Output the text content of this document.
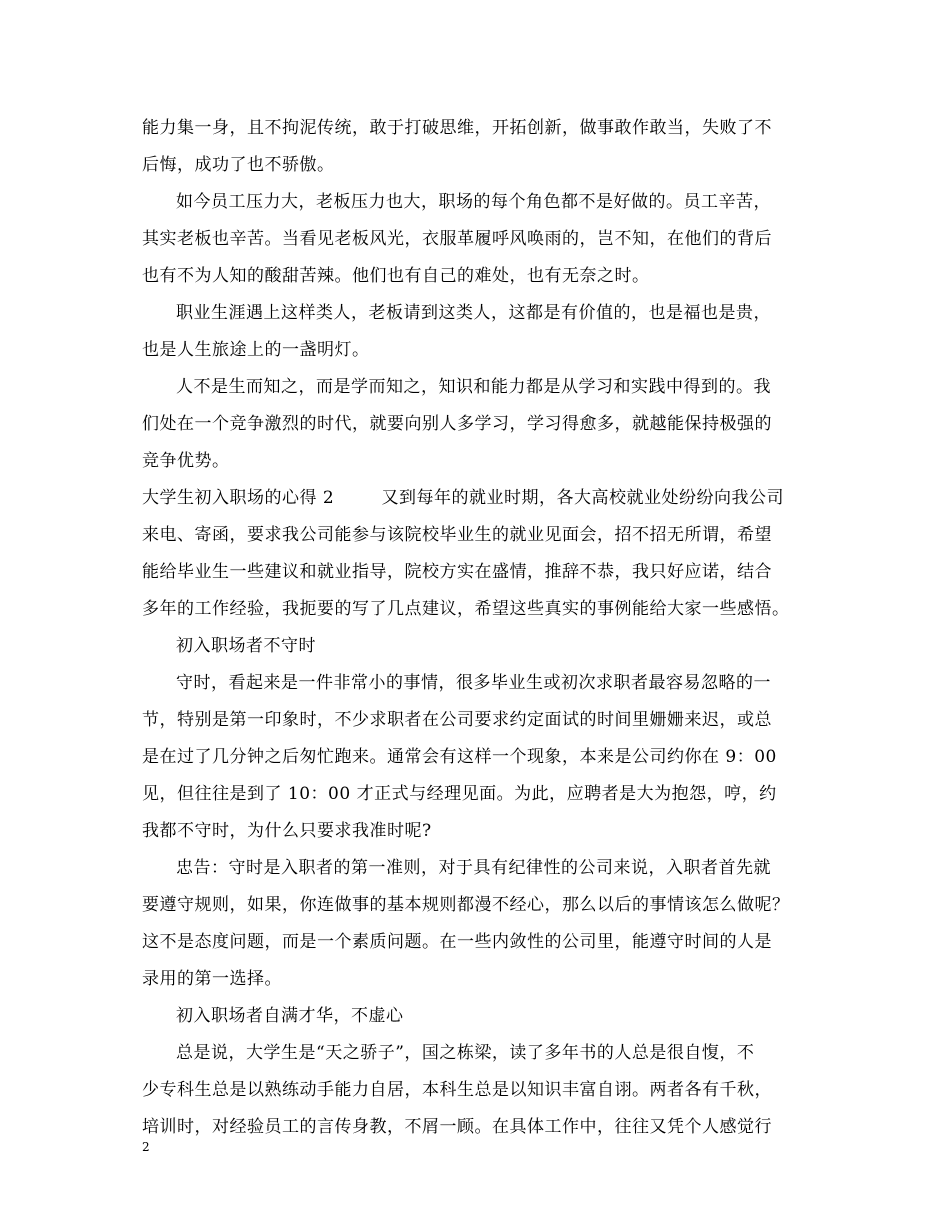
能力集一身，且不拘泥传统，敢于打破思维，开拓创新，做事敢作敢当，失败了不
后悔，成功了也不骄傲。
如今员工压力大，老板压力也大，职场的每个角色都不是好做的。员工辛苦，
其实老板也辛苦。当看见老板风光，衣服革履呼风唤雨的，岂不知，在他们的背后
也有不为人知的酸甜苦辣。他们也有自己的难处，也有无奈之时。
职业生涯遇上这样类人，老板请到这类人，这都是有价值的，也是福也是贵，
也是人生旅途上的一盏明灯。
人不是生而知之，而是学而知之，知识和能力都是从学习和实践中得到的。我
们处在一个竞争激烈的时代，就要向别人多学习，学习得愈多，就越能保持极强的
竞争优势。
大学生初入职场的心得 2        又到每年的就业时期，各大高校就业处纷纷向我公司
来电、寄函，要求我公司能参与该院校毕业生的就业见面会，招不招无所谓，希望
能给毕业生一些建议和就业指导，院校方实在盛情，推辞不恭，我只好应诺，结合
多年的工作经验，我扼要的写了几点建议，希望这些真实的事例能给大家一些感悟。
初入职场者不守时
守时，看起来是一件非常小的事情，很多毕业生或初次求职者最容易忽略的一
节，特别是第一印象时，不少求职者在公司要求约定面试的时间里姗姗来迟，或总
是在过了几分钟之后匆忙跑来。通常会有这样一个现象，本来是公司约你在 9：00
见，但往往是到了 10：00 才正式与经理见面。为此，应聘者是大为抱怨，哼，约
我都不守时，为什么只要求我准时呢?
忠告：守时是入职者的第一准则，对于具有纪律性的公司来说，入职者首先就
要遵守规则，如果，你连做事的基本规则都漫不经心，那么以后的事情该怎么做呢？
这不是态度问题，而是一个素质问题。在一些内敛性的公司里，能遵守时间的人是
录用的第一选择。
初入职场者自满才华，不虚心
总是说，大学生是“天之骄子”，国之栋梁，读了多年书的人总是很自愎，不
少专科生总是以熟练动手能力自居，本科生总是以知识丰富自诩。两者各有千秋，
培训时，对经验员工的言传身教，不屑一顾。在具体工作中，往往又凭个人感觉行
2
